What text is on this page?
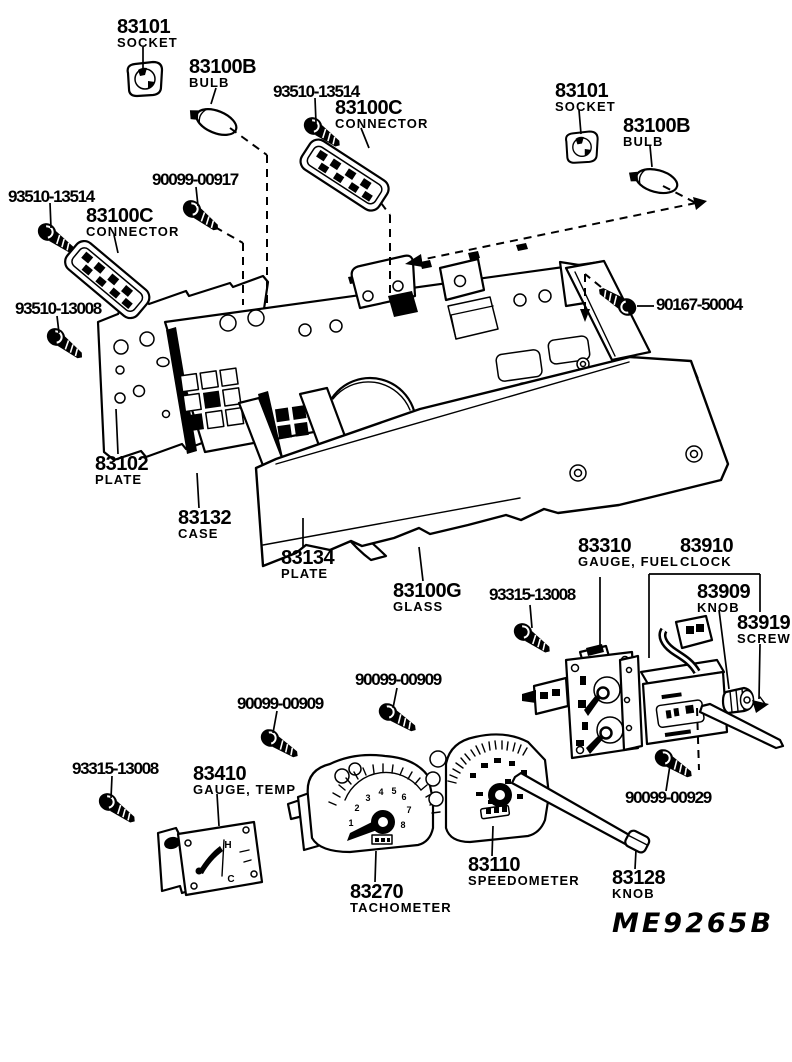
1
2
3
4 5
6
7
8
H
C
83101
SOCKET
83100B
BULB	93510-13514
83100C
CONNECTOR
83101
SOCKET
83100B
BULB
90099-00917
93510-13514
83100C
CONNECTOR
93510-13008	90167-50004
83102
PLATE
83132
CASE
83134
PLATE
83100G
GLASS
93315-13008
83310
GAUGE, FUEL
83910
CLOCK
83909
KNOB
83919
SCREW
90099-00909
90099-00909
93315-13008 83410
GAUGE, TEMP
83270
TACHOMETER
83110
SPEEDOMETER 83128
KNOB
90099-00929
ME9265B
